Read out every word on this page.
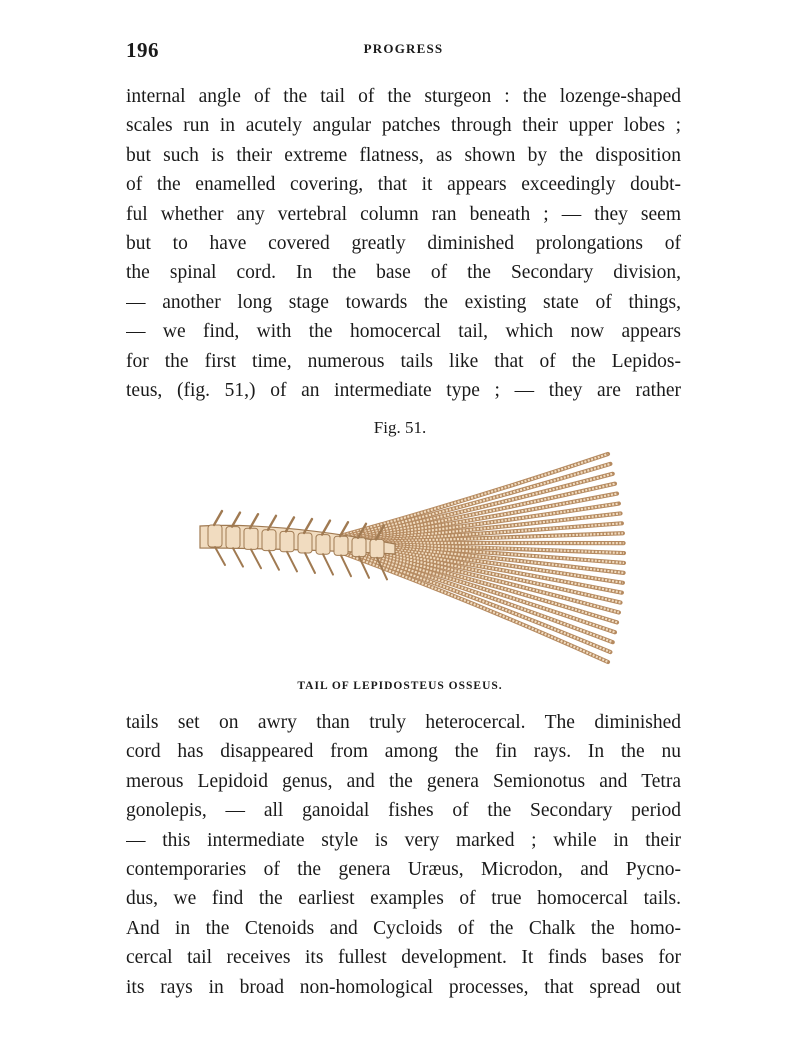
196	PROGRESS
internal angle of the tail of the sturgeon : the lozenge-shaped
scales run in acutely angular patches through their upper lobes ;
but such is their extreme flatness, as shown by the disposition
of the enamelled covering, that it appears exceedingly doubt-
ful whether any vertebral column ran beneath ; — they seem
but to have covered greatly diminished prolongations of
the spinal cord. In the base of the Secondary division,
— another long stage towards the existing state of things,
— we find, with the homocercal tail, which now appears
for the first time, numerous tails like that of the Lepidos-
teus, (fig. 51,) of an intermediate type ; — they are rather
Fig. 51.
TAIL OF LEPIDOSTEUS OSSEUS.
tails set on awry than truly heterocercal. The diminished
cord has disappeared from among the fin rays. In the nu
merous Lepidoid genus, and the genera Semionotus and Tetra
gonolepis, — all ganoidal fishes of the Secondary period
— this intermediate style is very marked ; while in their
contemporaries of the genera Uræus, Microdon, and Pycno-
dus, we find the earliest examples of true homocercal tails.
And in the Ctenoids and Cycloids of the Chalk the homo-
cercal tail receives its fullest development. It finds bases for
its rays in broad non-homological processes, that spread out
